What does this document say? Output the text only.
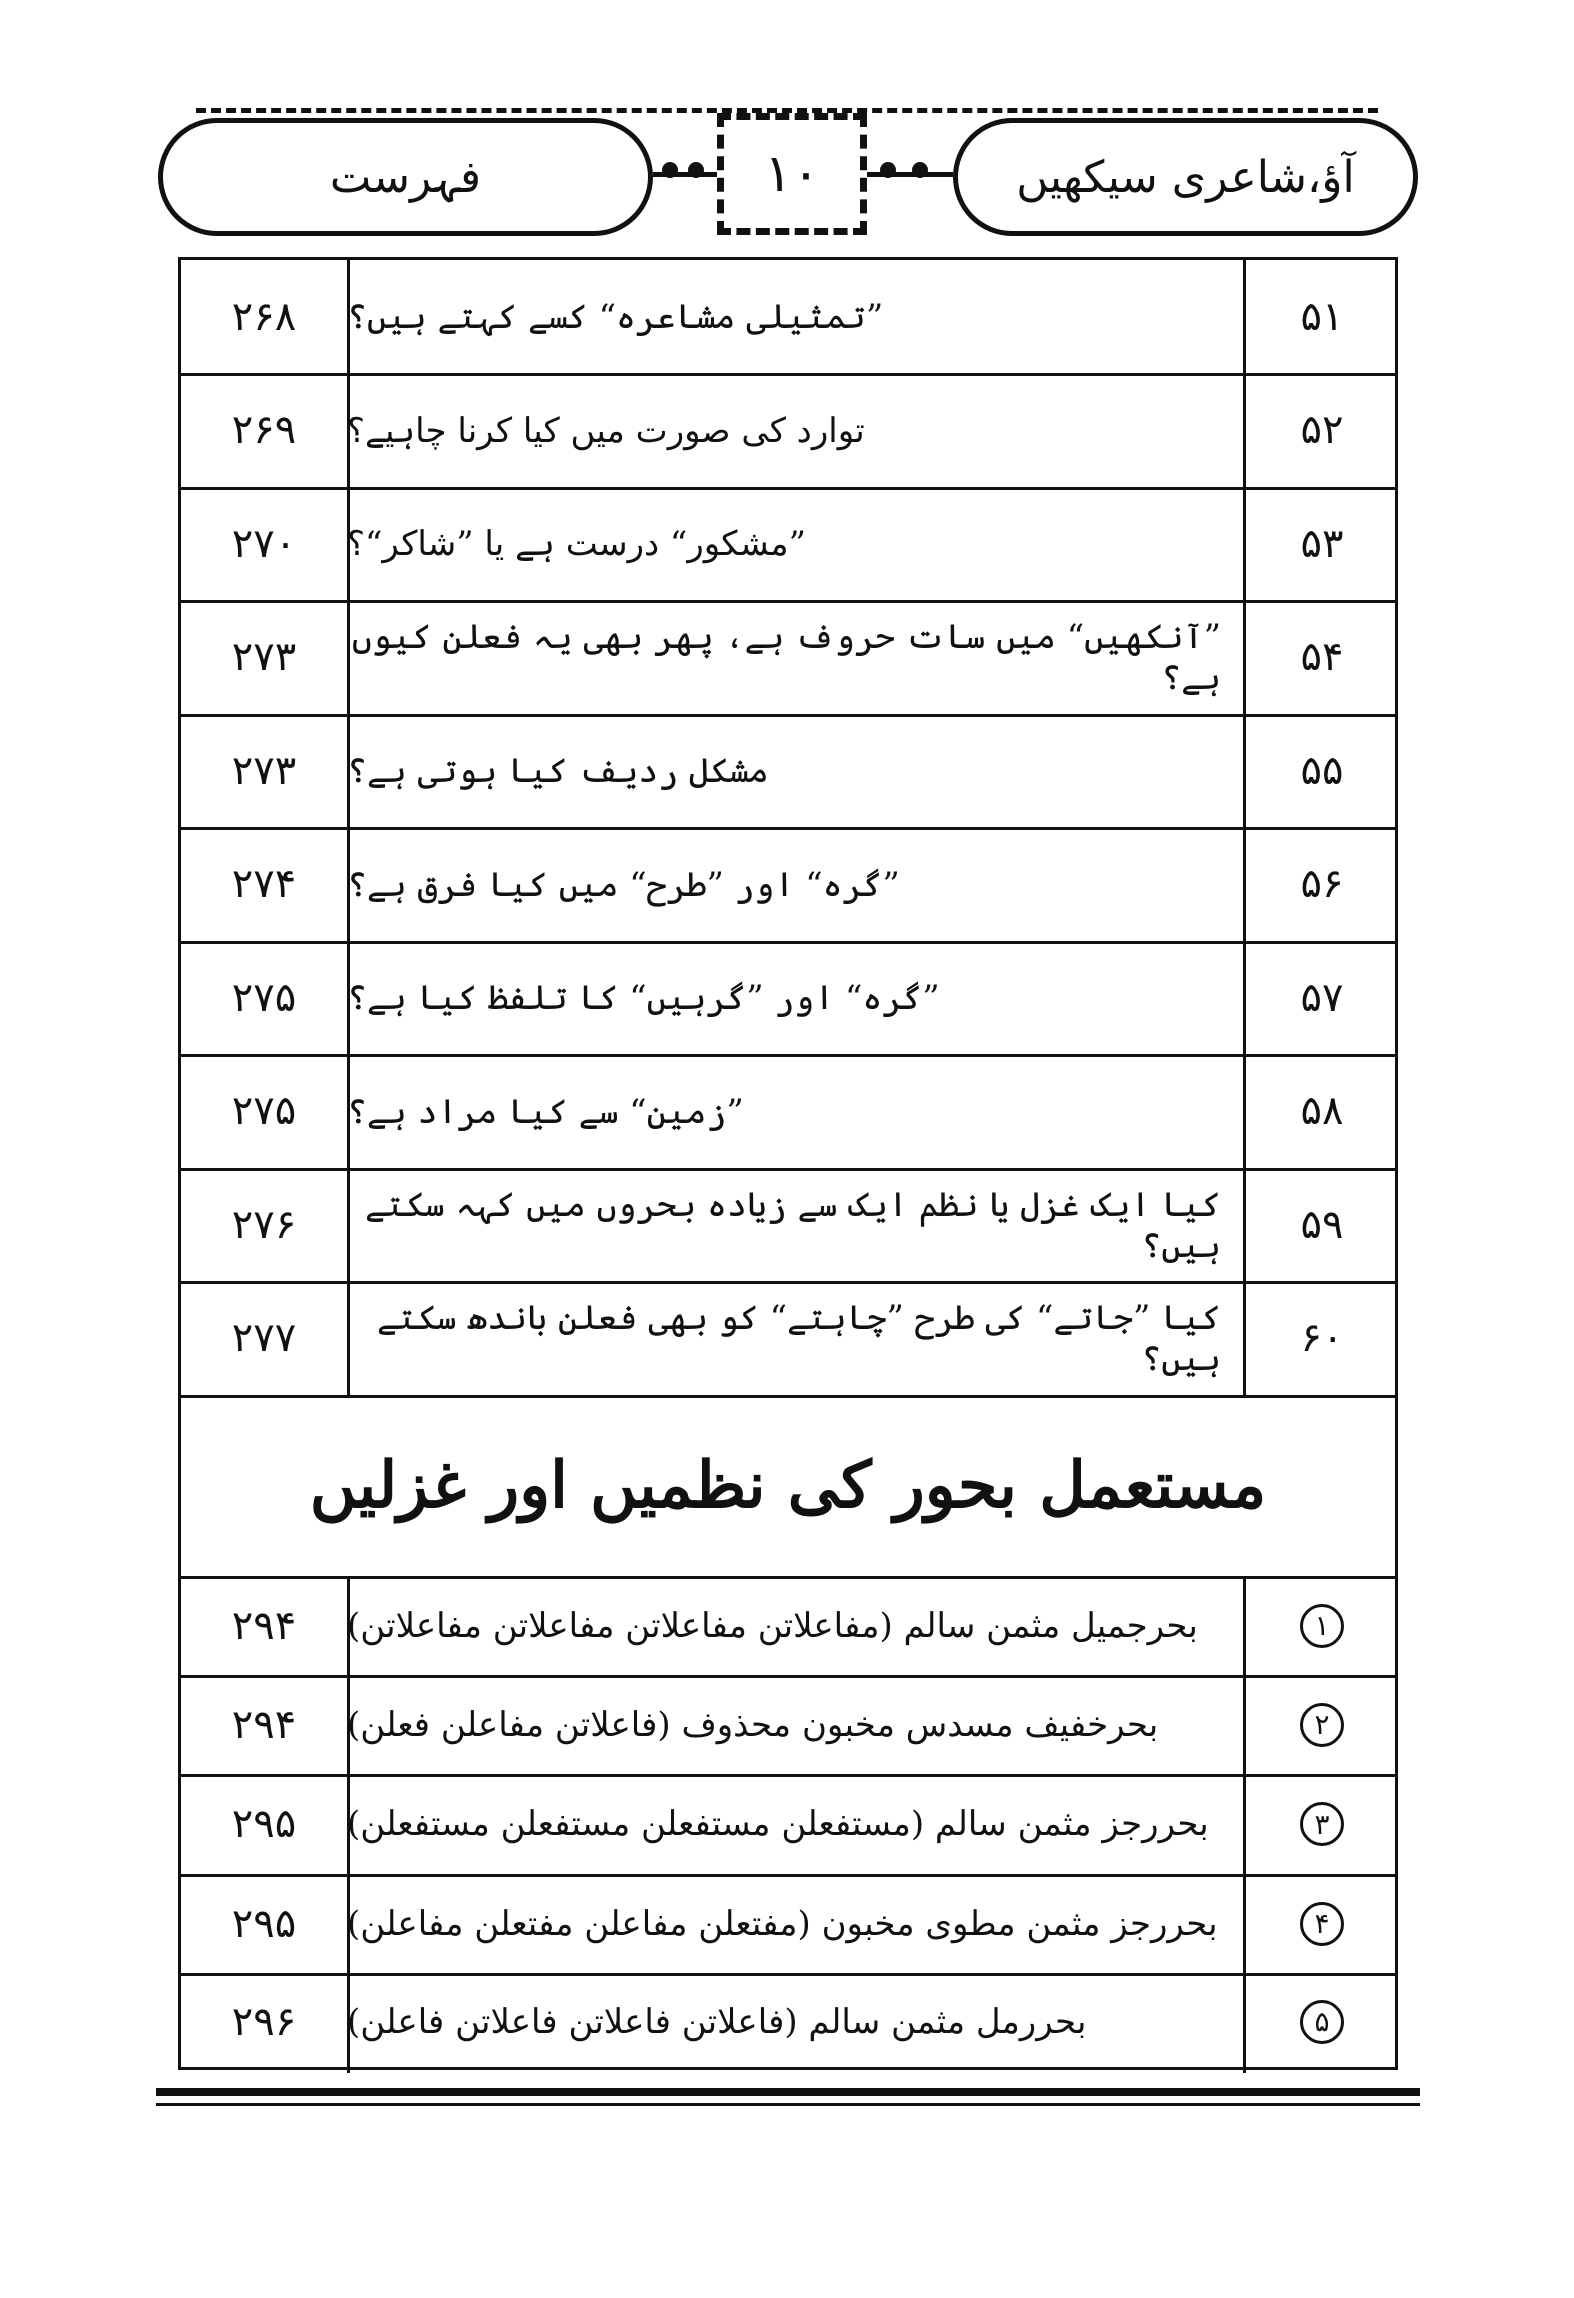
فہرست	۱۰	آؤ،شاعری سیکھیں
۵۱
”تمثیلی مشاعرہ“ کسے کہتے ہیں؟
۲۶۸
۵۲
توارد کی صورت میں کیا کرنا چاہیے؟
۲۶۹
۵۳
”مشکور“ درست ہے یا ”شاکر“؟
۲۷۰
۵۴
”آنکھیں“ میں سات حروف ہے، پھر بھی یہ فعلن کیوں ہے؟
۲۷۳
۵۵
مشکل ردیف کیا ہوتی ہے؟
۲۷۳
۵۶
”گرہ“ اور ”طرح“ میں کیا فرق ہے؟
۲۷۴
۵۷
”گرہ“ اور ”گرہیں“ کا تلفظ کیا ہے؟
۲۷۵
۵۸
”زمین“ سے کیا مراد ہے؟
۲۷۵
۵۹
کیا ایک غزل یا نظم ایک سے زیادہ بحروں میں کہہ سکتے ہیں؟
۲۷۶
۶۰
کیا ”جاتے“ کی طرح ”چاہتے“ کو بھی فعلن باندھ سکتے ہیں؟
۲۷۷
مستعمل بحور کی نظمیں اور غزلیں
۱
بحرجمیل مثمن سالم (مفاعلاتن مفاعلاتن مفاعلاتن مفاعلاتن)
۲۹۴
۲
بحرخفیف مسدس مخبون محذوف (فاعلاتن مفاعلن فعلن)
۲۹۴
۳
بحررجز مثمن سالم (مستفعلن مستفعلن مستفعلن مستفعلن)
۲۹۵
۴
بحررجز مثمن مطوی مخبون (مفتعلن مفاعلن مفتعلن مفاعلن)
۲۹۵
۵
بحررمل مثمن سالم (فاعلاتن فاعلاتن فاعلاتن فاعلن)
۲۹۶
